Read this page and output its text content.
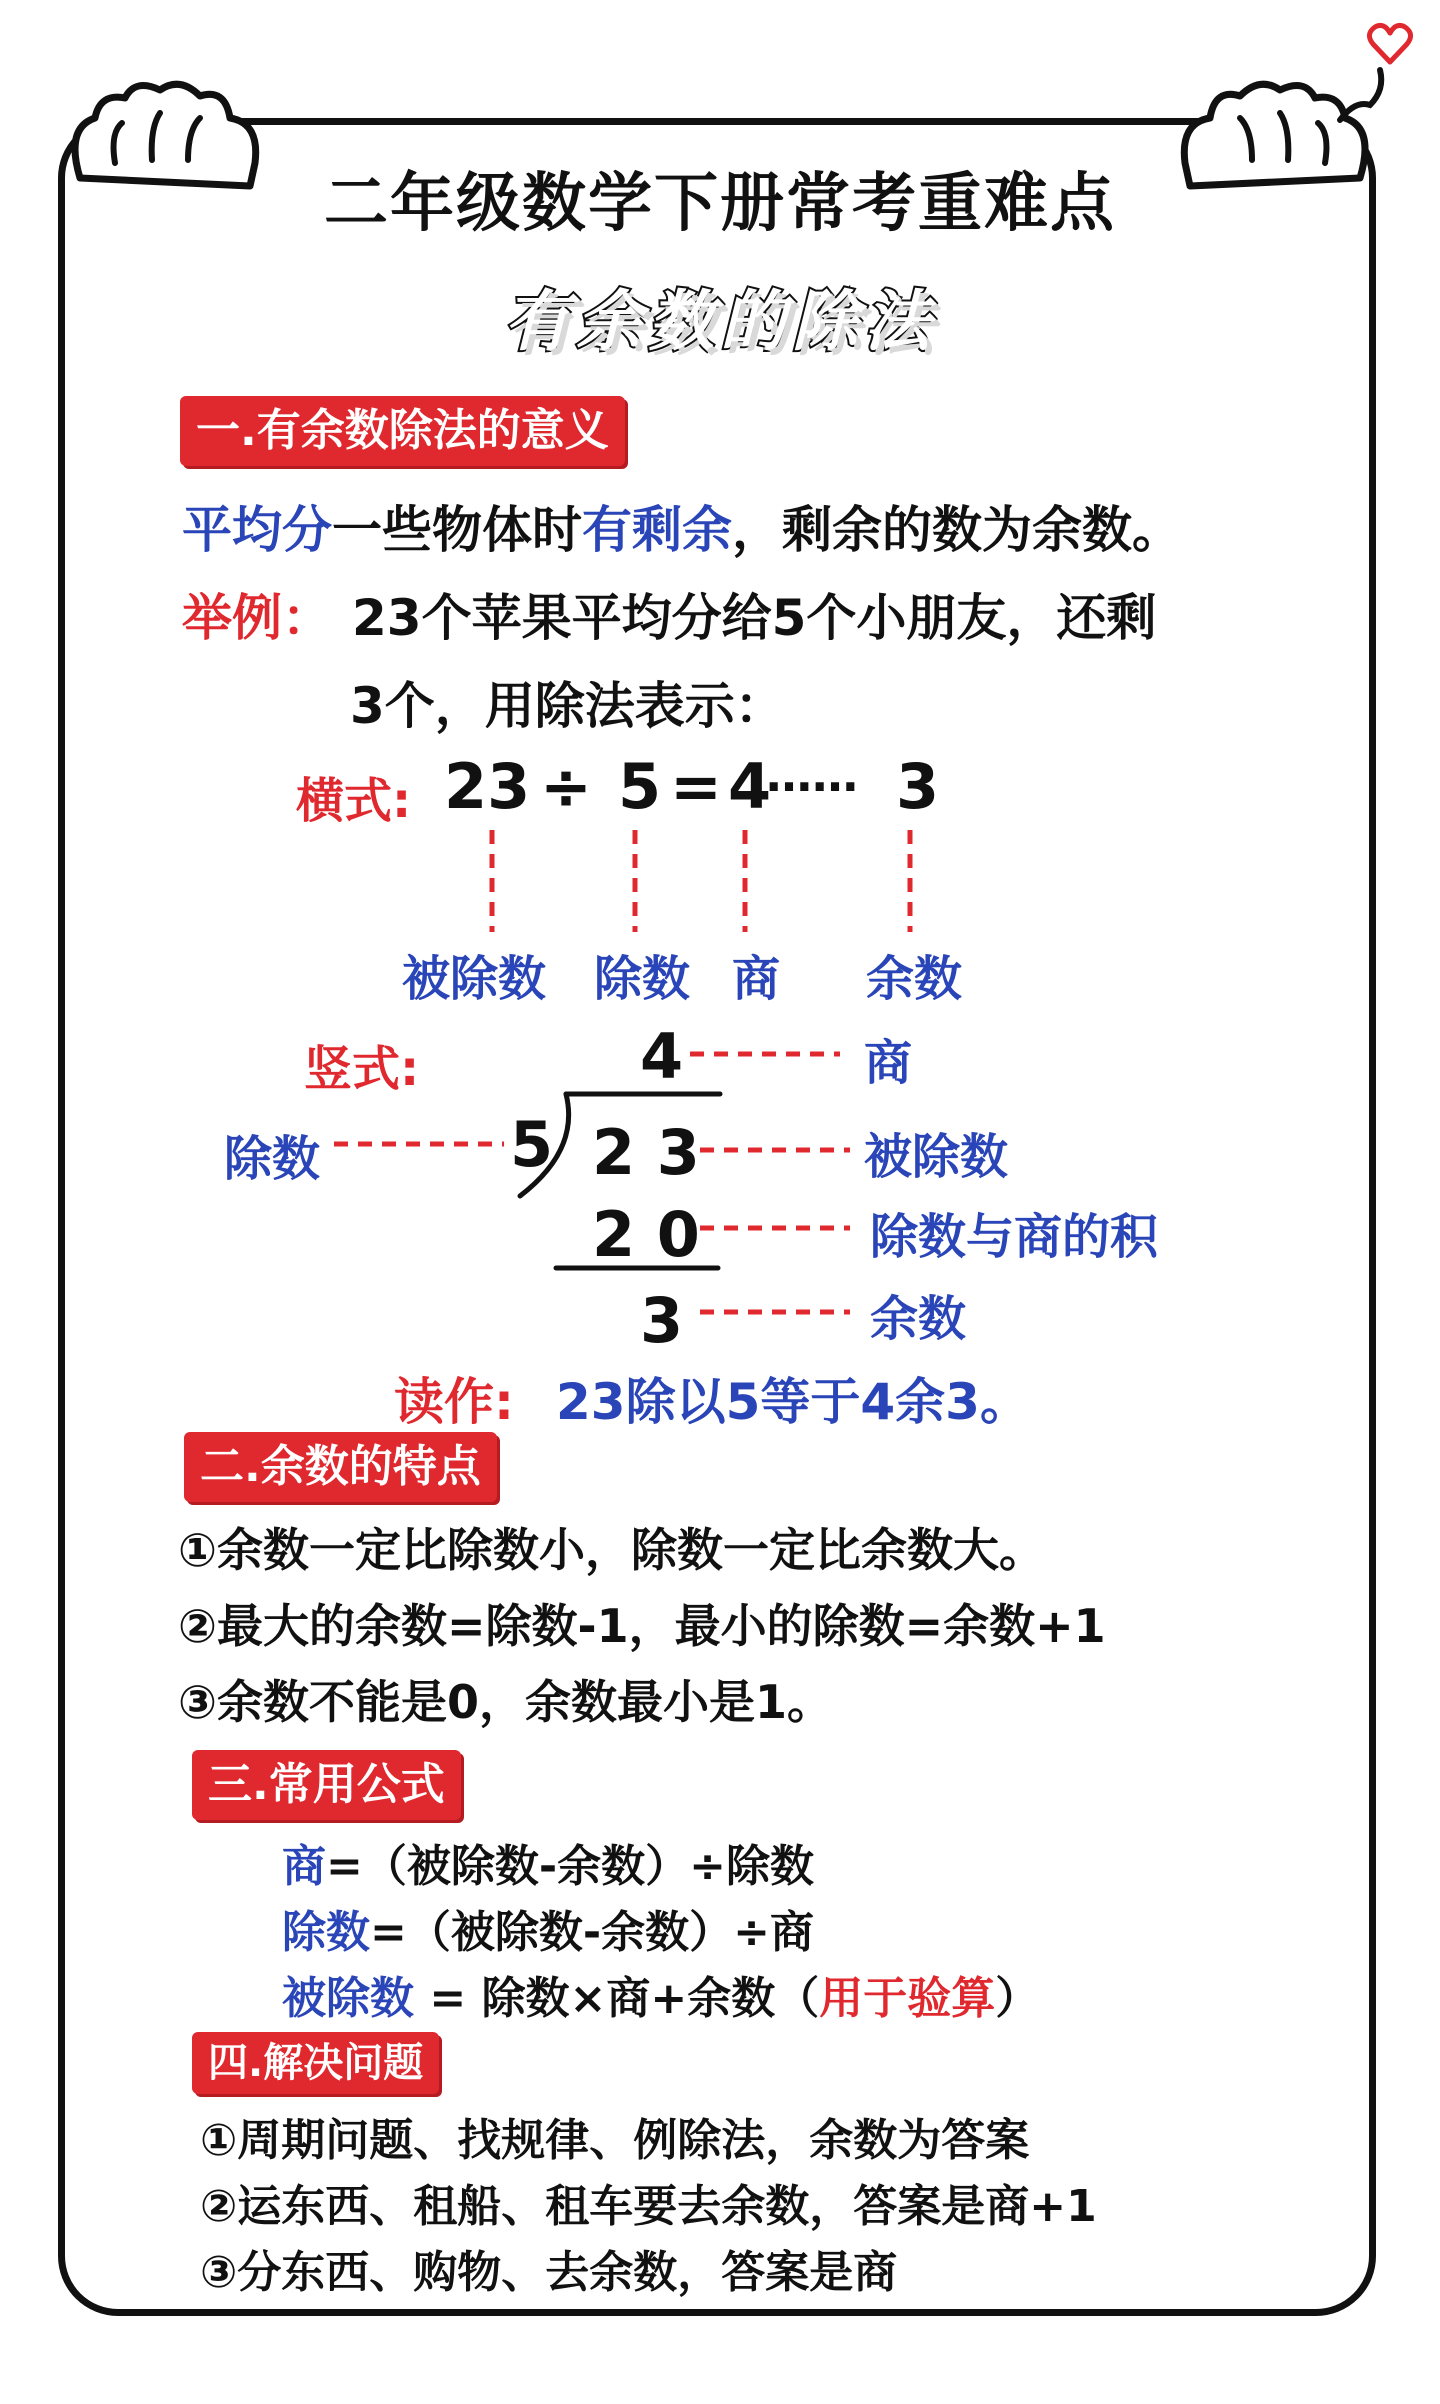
二年级数学下册常考重难点
有余数的除法
一.有余数除法的意义
平均分一些物体时有剩余，剩余的数为余数。
举例： 23个苹果平均分给5个小朋友，还剩
3个，用除法表示：
横式: 23 ÷ 5 = 4
…… 3
被除数 除数 商 余数
竖式:	4	商
除数	5 2 3	被除数
2 0	除数与商的积
3	余数
读作: 23除以5等于4余3。
二.余数的特点
①余数一定比除数小，除数一定比余数大。
②最大的余数=除数-1，最小的除数=余数+1
③余数不能是0，余数最小是1。
三.常用公式
商=（被除数-余数）÷除数
除数=（被除数-余数）÷商
被除数 = 除数×商+余数（用于验算）
四.解决问题
①周期问题、找规律、例除法，余数为答案
②运东西、租船、租车要去余数，答案是商+1
③分东西、购物、去余数，答案是商
